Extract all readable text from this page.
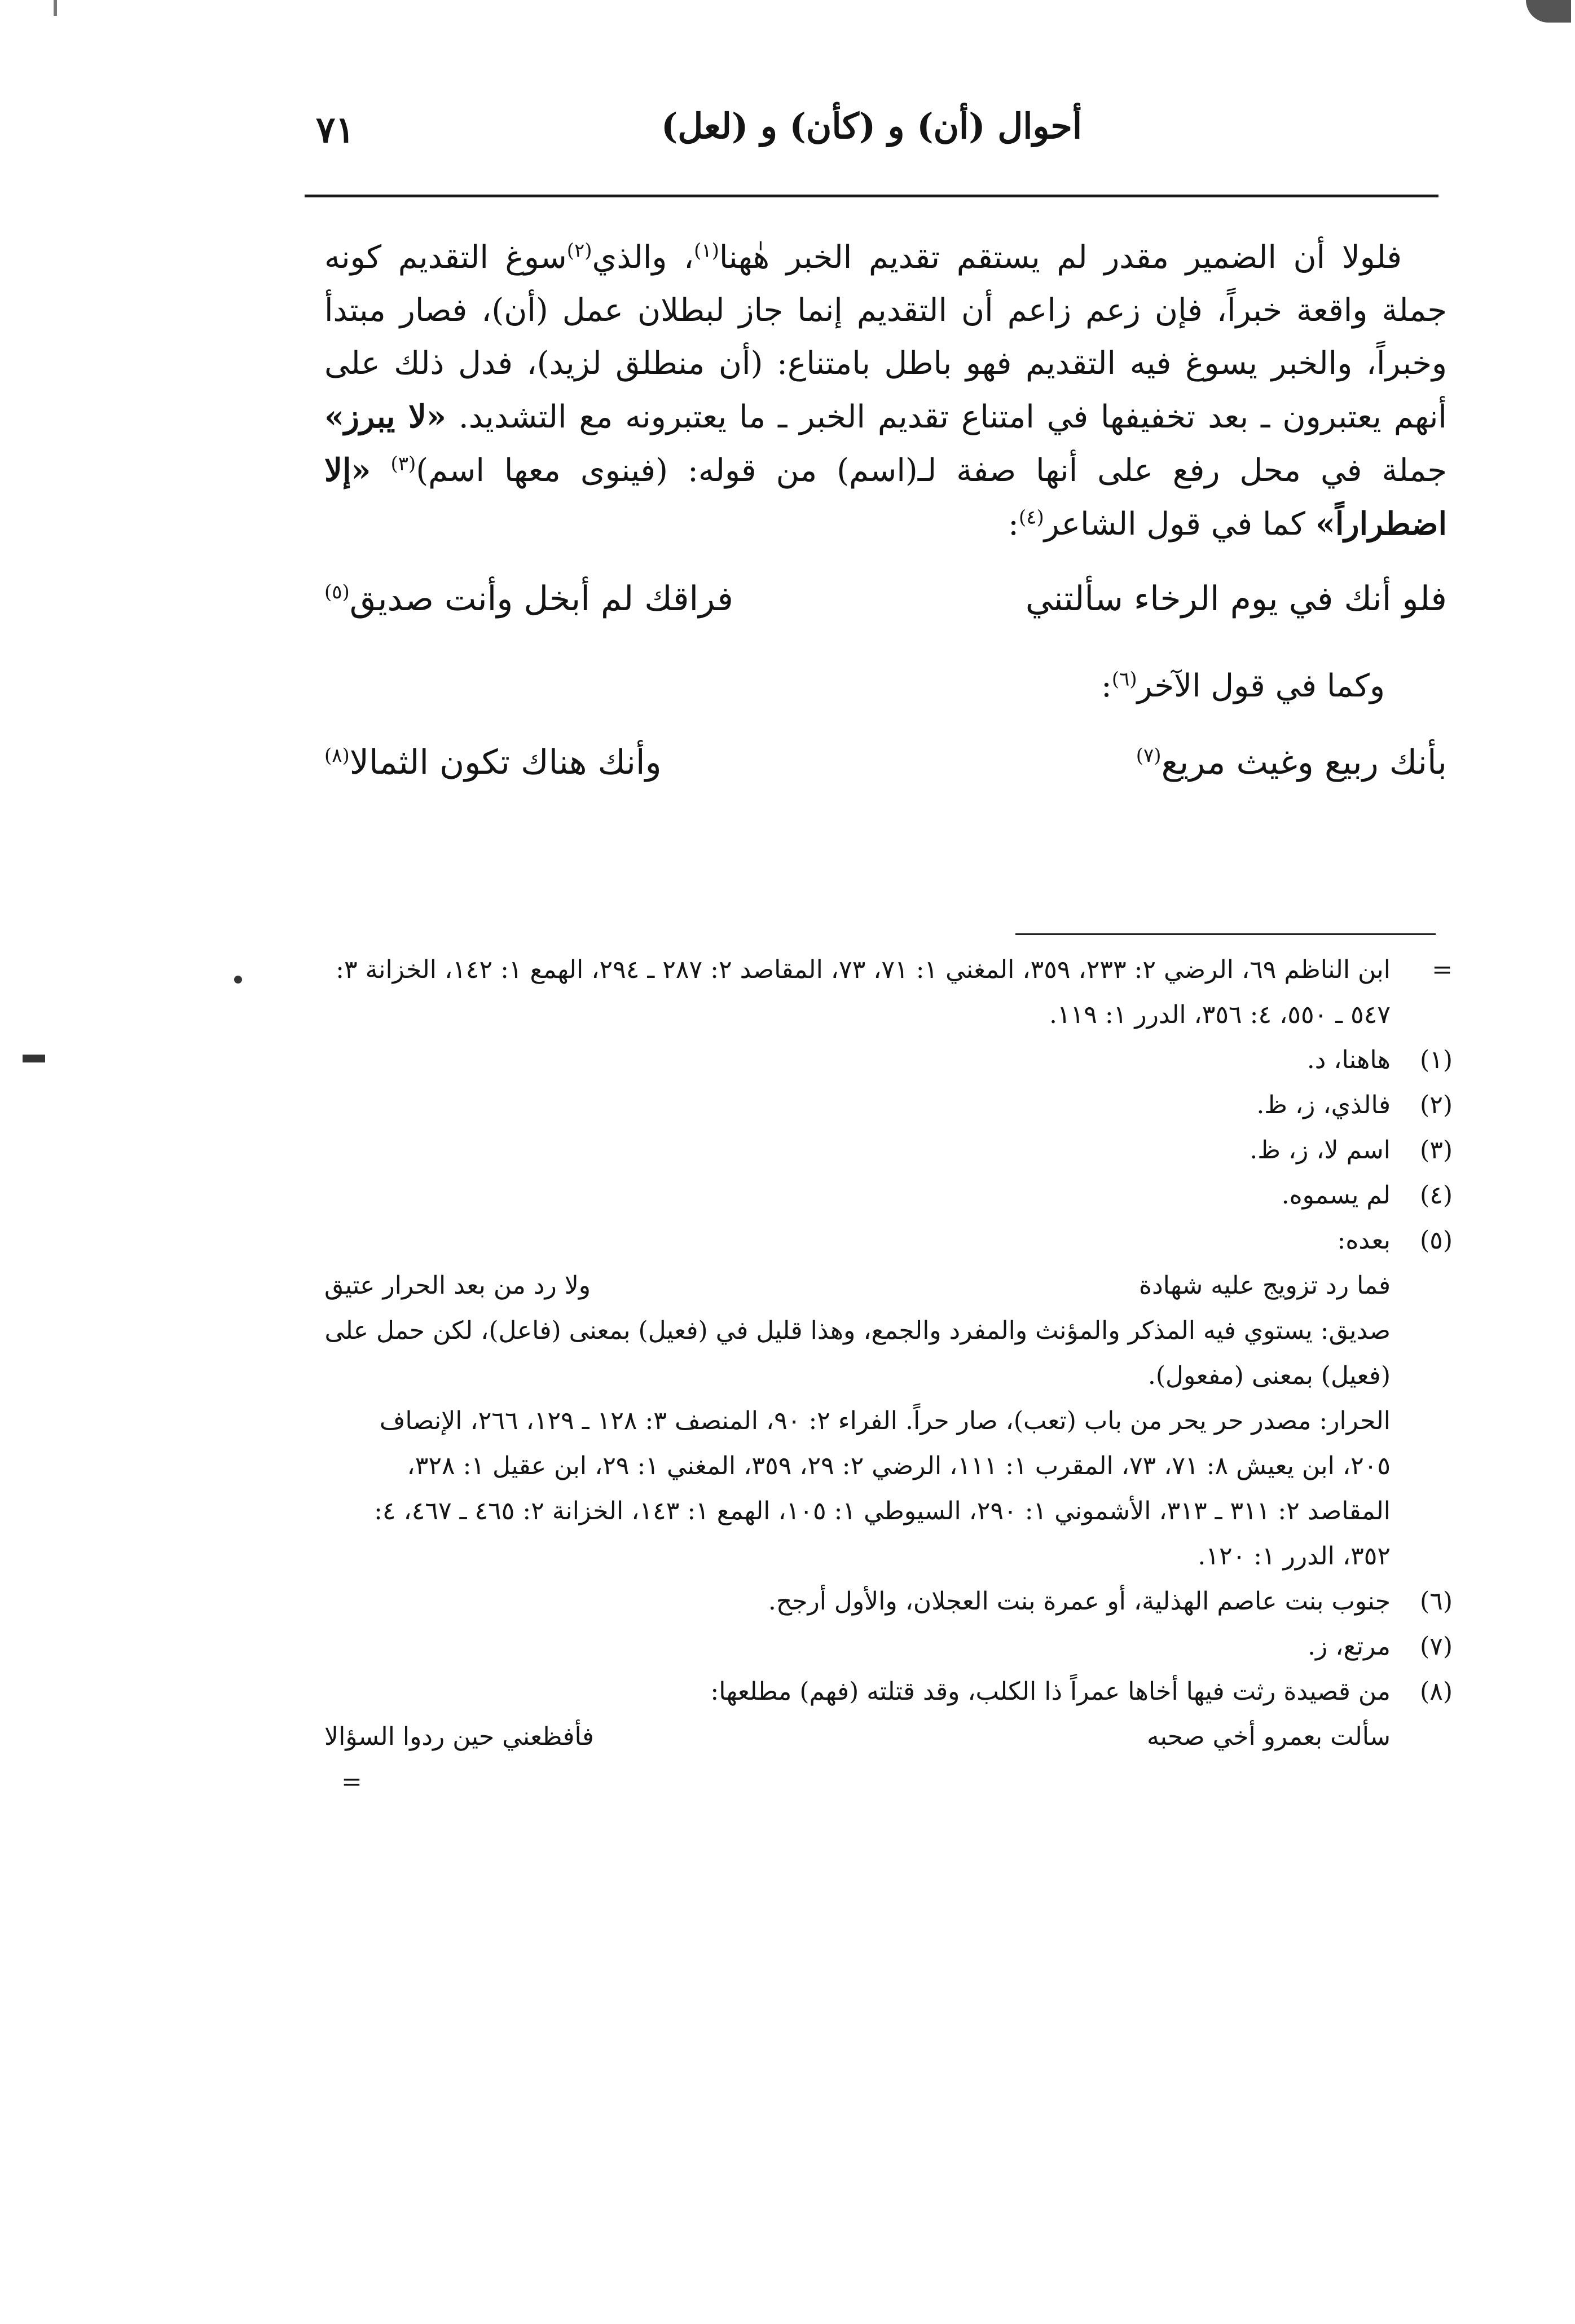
٧١	أحوال (أن) و (كأن) و (لعل)
فلولا أن الضمير مقدر لم يستقم تقديم الخبر هٰهنا$^{(١)}$، والذي$^{(٢)}$سوغ التقديم كونه جملة واقعة خبراً، فإن زعم زاعم أن التقديم إنما جاز لبطلان عمل (أن)، فصار مبتدأ وخبراً، والخبر يسوغ فيه التقديم فهو باطل بامتناع: (أن منطلق لزيد)، فدل ذلك على أنهم يعتبرون ـ بعد تخفيفها في امتناع تقديم الخبر ـ ما يعتبرونه مع التشديد. «لا يبرز» جملة في محل رفع على أنها صفة لـ(اسم) من قوله: (فينوى معها اسم)$^{(٣)}$ «إلا اضطراراً» كما في قول الشاعر$^{(٤)}$:
فلو أنك في يوم الرخاء سألتني
فراقك لم أبخل وأنت صديق$^{(٥)}$
وكما في قول الآخر$^{(٦)}$:
بأنك ربيع وغيث مريع$^{(٧)}$
وأنك هناك تكون الثمالا$^{(٨)}$
=
ابن الناظم ٦٩، الرضي ٢: ٢٣٣، ٣٥٩، المغني ١: ٧١، ٧٣، المقاصد ٢: ٢٨٧ ـ ٢٩٤، الهمع ١: ١٤٢، الخزانة ٣: ٥٤٧ ـ ٥٥٠، ٤: ٣٥٦، الدرر ١: ١١٩.
(١)
هاهنا، د.
(٢)
فالذي، ز، ظ.
(٣)
اسم لا، ز، ظ.
(٤)
لم يسموه.
(٥)
بعده:
فما رد تزويج عليه شهادة
ولا رد من بعد الحرار عتيق
صديق: يستوي فيه المذكر والمؤنث والمفرد والجمع، وهذا قليل في (فعيل) بمعنى (فاعل)، لكن حمل على (فعيل) بمعنى (مفعول).
الحرار: مصدر حر يحر من باب (تعب)، صار حراً. الفراء ٢: ٩٠، المنصف ٣: ١٢٨ ـ ١٢٩، ٢٦٦، الإنصاف ٢٠٥، ابن يعيش ٨: ٧١، ٧٣، المقرب ١: ١١١، الرضي ٢: ٢٩، ٣٥٩، المغني ١: ٢٩، ابن عقيل ١: ٣٢٨، المقاصد ٢: ٣١١ ـ ٣١٣، الأشموني ١: ٢٩٠، السيوطي ١: ١٠٥، الهمع ١: ١٤٣، الخزانة ٢: ٤٦٥ ـ ٤٦٧، ٤: ٣٥٢، الدرر ١: ١٢٠.
(٦)
جنوب بنت عاصم الهذلية، أو عمرة بنت العجلان، والأول أرجح.
(٧)
مرتع، ز.
(٨)
من قصيدة رثت فيها أخاها عمراً ذا الكلب، وقد قتلته (فهم) مطلعها:
سألت بعمرو أخي صحبه
فأفظعني حين ردوا السؤالا
=
